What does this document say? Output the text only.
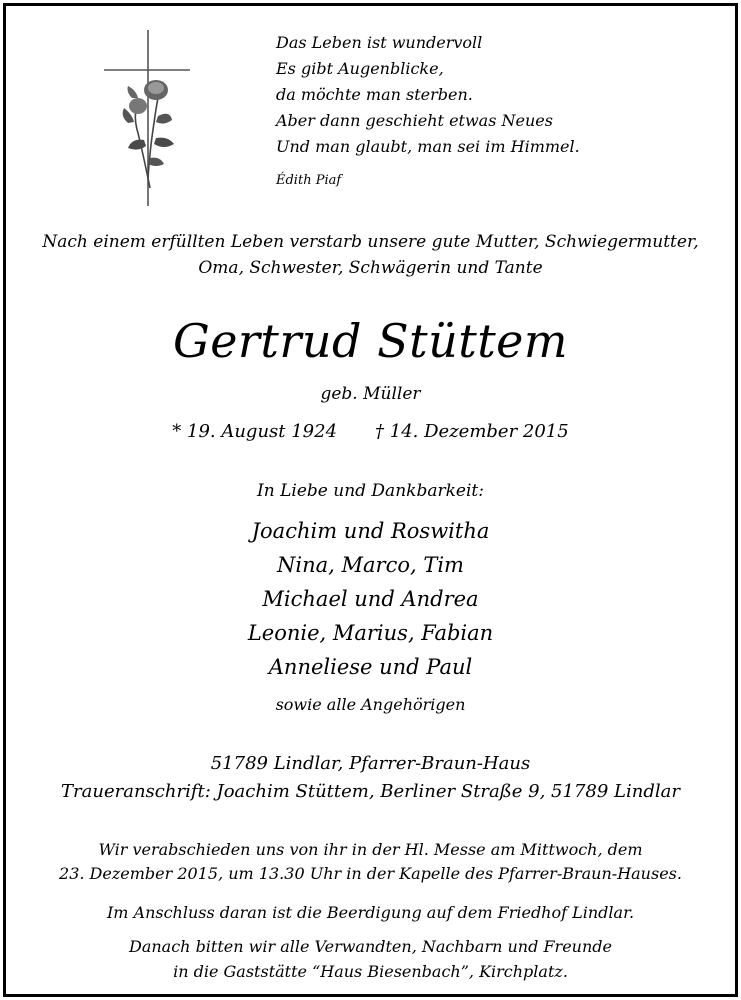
Das Leben ist wundervoll
Es gibt Augenblicke,
da möchte man sterben.
Aber dann geschieht etwas Neues
Und man glaubt, man sei im Himmel.
Édith Piaf
Nach einem erfüllten Leben verstarb unsere gute Mutter, Schwiegermutter,
Oma, Schwester, Schwägerin und Tante
Gertrud Stüttem
geb. Müller
* 19. August 1924 † 14. Dezember 2015
In Liebe und Dankbarkeit:
Joachim und Roswitha
Nina, Marco, Tim
Michael und Andrea
Leonie, Marius, Fabian
Anneliese und Paul
sowie alle Angehörigen
51789 Lindlar, Pfarrer-Braun-Haus
Traueranschrift: Joachim Stüttem, Berliner Straße 9, 51789 Lindlar
Wir verabschieden uns von ihr in der Hl. Messe am Mittwoch, dem
23. Dezember 2015, um 13.30 Uhr in der Kapelle des Pfarrer-Braun-Hauses.
Im Anschluss daran ist die Beerdigung auf dem Friedhof Lindlar.
Danach bitten wir alle Verwandten, Nachbarn und Freunde
in die Gaststätte “Haus Biesenbach”, Kirchplatz.
